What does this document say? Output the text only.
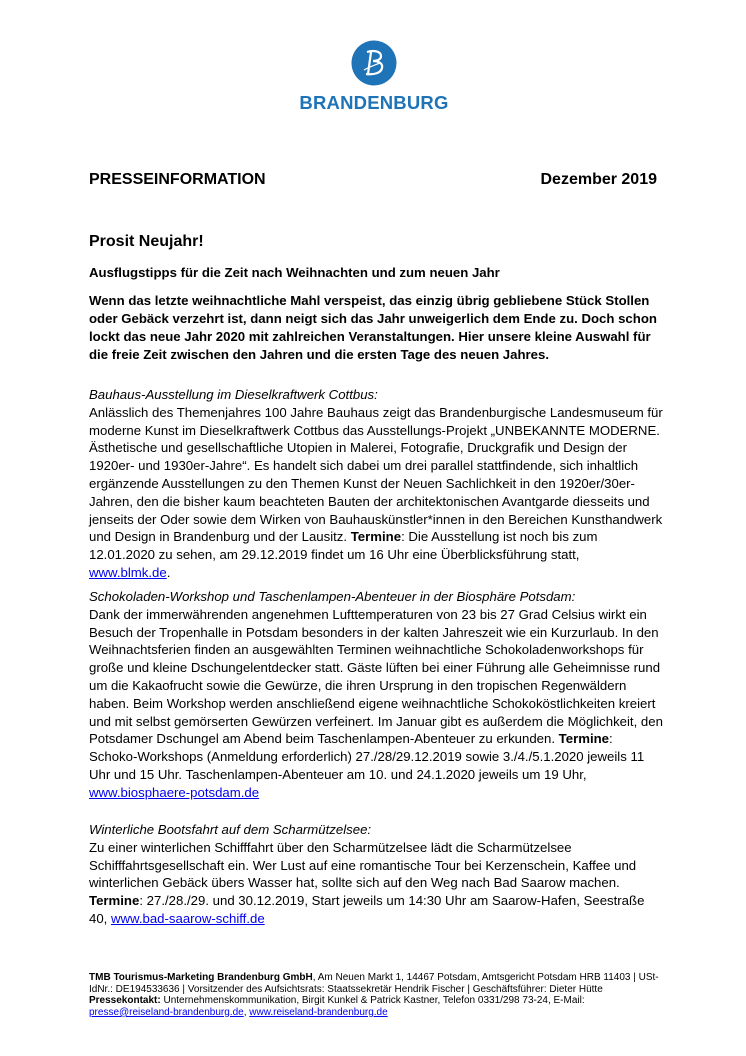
BRANDENBURG
PRESSEINFORMATION	Dezember 2019
Prosit Neujahr!
Ausflugstipps für die Zeit nach Weihnachten und zum neuen Jahr
Wenn das letzte weihnachtliche Mahl verspeist, das einzig übrig gebliebene Stück Stollen oder Gebäck verzehrt ist, dann neigt sich das Jahr unweigerlich dem Ende zu. Doch schon lockt das neue Jahr 2020 mit zahlreichen Veranstaltungen. Hier unsere kleine Auswahl für die freie Zeit zwischen den Jahren und die ersten Tage des neuen Jahres.
Bauhaus-Ausstellung im Dieselkraftwerk Cottbus:

Anlässlich des Themenjahres 100 Jahre Bauhaus zeigt das Brandenburgische Landesmuseum für moderne Kunst im Dieselkraftwerk Cottbus das Ausstellungs-Projekt „UNBEKANNTE MODERNE. Ästhetische und gesellschaftliche Utopien in Malerei, Fotografie, Druckgrafik und Design der 1920er- und 1930er-Jahre“. Es handelt sich dabei um drei parallel stattfindende, sich inhaltlich ergänzende Ausstellungen zu den Themen Kunst der Neuen Sachlichkeit in den 1920er/30er-Jahren, den die bisher kaum beachteten Bauten der architektonischen Avantgarde diesseits und jenseits der Oder sowie dem Wirken von Bauhauskünstler*innen in den Bereichen Kunsthandwerk und Design in Brandenburg und der Lausitz. Termine: Die Ausstellung ist noch bis zum 12.01.2020 zu sehen, am 29.12.2019 findet um 16 Uhr eine Überblicksführung statt, www.blmk.de.

Schokoladen-Workshop und Taschenlampen-Abenteuer in der Biosphäre Potsdam:

Dank der immerwährenden angenehmen Lufttemperaturen von 23 bis 27 Grad Celsius wirkt ein Besuch der Tropenhalle in Potsdam besonders in der kalten Jahreszeit wie ein Kurzurlaub. In den Weihnachtsferien finden an ausgewählten Terminen weihnachtliche Schokoladenworkshops für große und kleine Dschungelentdecker statt. Gäste lüften bei einer Führung alle Geheimnisse rund um die Kakaofrucht sowie die Gewürze, die ihren Ursprung in den tropischen Regenwäldern haben. Beim Workshop werden anschließend eigene weihnachtliche Schokoköstlichkeiten kreiert und mit selbst gemörserten Gewürzen verfeinert. Im Januar gibt es außerdem die Möglichkeit, den Potsdamer Dschungel am Abend beim Taschenlampen-Abenteuer zu erkunden. Termine: Schoko-Workshops (Anmeldung erforderlich) 27./28/29.12.2019 sowie 3./4./5.1.2020 jeweils 11 Uhr und 15 Uhr. Taschenlampen-Abenteuer am 10. und 24.1.2020 jeweils um 19 Uhr, www.biosphaere-potsdam.de

Winterliche Bootsfahrt auf dem Scharmützelsee:

Zu einer winterlichen Schifffahrt über den Scharmützelsee lädt die Scharmützelsee Schifffahrtsgesellschaft ein. Wer Lust auf eine romantische Tour bei Kerzenschein, Kaffee und winterlichen Gebäck übers Wasser hat, sollte sich auf den Weg nach Bad Saarow machen. Termine: 27./28./29. und 30.12.2019, Start jeweils um 14:30 Uhr am Saarow-Hafen, Seestraße 40, www.bad-saarow-schiff.de

TMB Tourismus-Marketing Brandenburg GmbH, Am Neuen Markt 1, 14467 Potsdam, Amtsgericht Potsdam HRB 11403 | USt-IdNr.: DE194533636 | Vorsitzender des Aufsichtsrats: Staatssekretär Hendrik Fischer | Geschäftsführer: Dieter Hütte Pressekontakt: Unternehmenskommunikation, Birgit Kunkel & Patrick Kastner, Telefon 0331/298 73-24, E-Mail: presse@reiseland-brandenburg.de, www.reiseland-brandenburg.de
